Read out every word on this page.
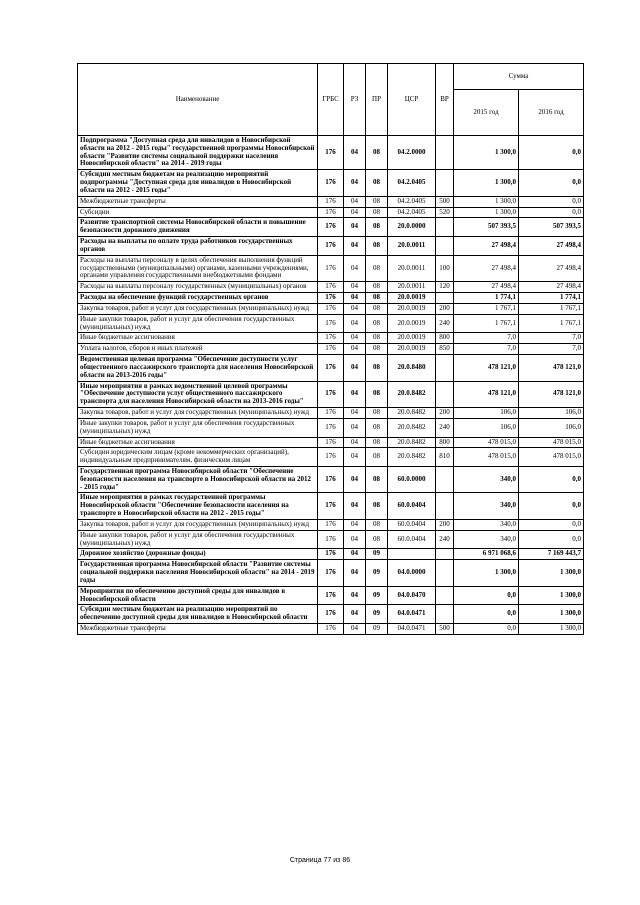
Наименование	ГРБС	РЗ	ПР	ЦСР	ВР	Сумма	
						2015 год	2016 год
Подпрограмма "Доступная среда для инвалидов в Новосибирской области на 2012 - 2015 годы" государственной программы Новосибирской области "Развитие системы социальной поддержки населения Новосибирской области" на 2014 - 2019 годы	176	04	08	04.2.0000		1 300,0	0,0
Субсидии местным бюджетам на реализацию мероприятий подпрограммы "Доступная среда для инвалидов в Новосибирской области на 2012 - 2015 годы"	176	04	08	04.2.0405		1 300,0	0,0
Межбюджетные трансферты	176	04	08	04.2.0405	500	1 300,0	0,0
Субсидии	176	04	08	04.2.0405	520	1 300,0	0,0
Развитие транспортной системы Новосибирской области и повышение безопасности дорожного движения	176	04	08	20.0.0000		507 393,5	507 393,5
Расходы на выплаты по оплате труда работников государственных органов	176	04	08	20.0.0011		27 498,4	27 498,4
Расходы на выплаты персоналу в целях обеспечения выполнения функций государственными (муниципальными) органами, казенными учреждениями, органами управления государственными внебюджетными фондами	176	04	08	20.0.0011	100	27 498,4	27 498,4
Расходы на выплаты персоналу государственных (муниципальных) органов	176	04	08	20.0.0011	120	27 498,4	27 498,4
Расходы на обеспечение функций государственных органов	176	04	08	20.0.0019		1 774,1	1 774,1
Закупка товаров, работ и услуг для государственных (муниципальных) нужд	176	04	08	20.0.0019	200	1 767,1	1 767,1
Иные закупки товаров, работ и услуг для обеспечения государственных (муниципальных) нужд	176	04	08	20.0.0019	240	1 767,1	1 767,1
Иные бюджетные ассигнования	176	04	08	20.0.0019	800	7,0	7,0
Уплата налогов, сборов и иных платежей	176	04	08	20.0.0019	850	7,0	7,0
Ведомственная целевая программа "Обеспечение доступности услуг общественного пассажирского транспорта для населения Новосибирской области на 2013-2016 годы"	176	04	08	20.0.8480		478 121,0	478 121,0
Иные мероприятия в рамках ведомственной целевой программы "Обеспечение доступности услуг общественного пассажирского транспорта для населения Новосибирской области на 2013-2016 годы"	176	04	08	20.0.8482		478 121,0	478 121,0
Закупка товаров, работ и услуг для государственных (муниципальных) нужд	176	04	08	20.0.8482	200	106,0	106,0
Иные закупки товаров, работ и услуг для обеспечения государственных (муниципальных) нужд	176	04	08	20.0.8482	240	106,0	106,0
Иные бюджетные ассигнования	176	04	08	20.0.8482	800	478 015,0	478 015,0
Субсидии юридическим лицам (кроме некоммерческих организаций), индивидуальным предпринимателям, физическим лицам	176	04	08	20.0.8482	810	478 015,0	478 015,0
Государственная программа Новосибирской области "Обеспечение безопасности населения на транспорте в Новосибирской области на 2012 - 2015 годы"	176	04	08	60.0.0000		340,0	0,0
Иные мероприятия в рамках государственной программы Новосибирской области "Обеспечение безопасности населения на транспорте в Новосибирской области на 2012 - 2015 годы"	176	04	08	60.0.0404		340,0	0,0
Закупка товаров, работ и услуг для государственных (муниципальных) нужд	176	04	08	60.0.0404	200	340,0	0,0
Иные закупки товаров, работ и услуг для обеспечения государственных (муниципальных) нужд	176	04	08	60.0.0404	240	340,0	0,0
Дорожное хозяйство (дорожные фонды)	176	04	09			6 971 068,6	7 169 443,7
Государственная программа Новосибирской области "Развитие системы социальной поддержки населения Новосибирской области" на 2014 - 2019 годы	176	04	09	04.0.0000		1 300,0	1 300,0
Мероприятия по обеспечению доступной среды для инвалидов в Новосибирской области	176	04	09	04.0.0470		0,0	1 300,0
Субсидии местным бюджетам на реализацию мероприятий по обеспечению доступной среды для инвалидов в Новосибирской области	176	04	09	04.0.0471		0,0	1 300,0
Межбюджетные трансферты	176	04	09	04.0.0471	500	0,0	1 300,0
Страница 77 из 86
